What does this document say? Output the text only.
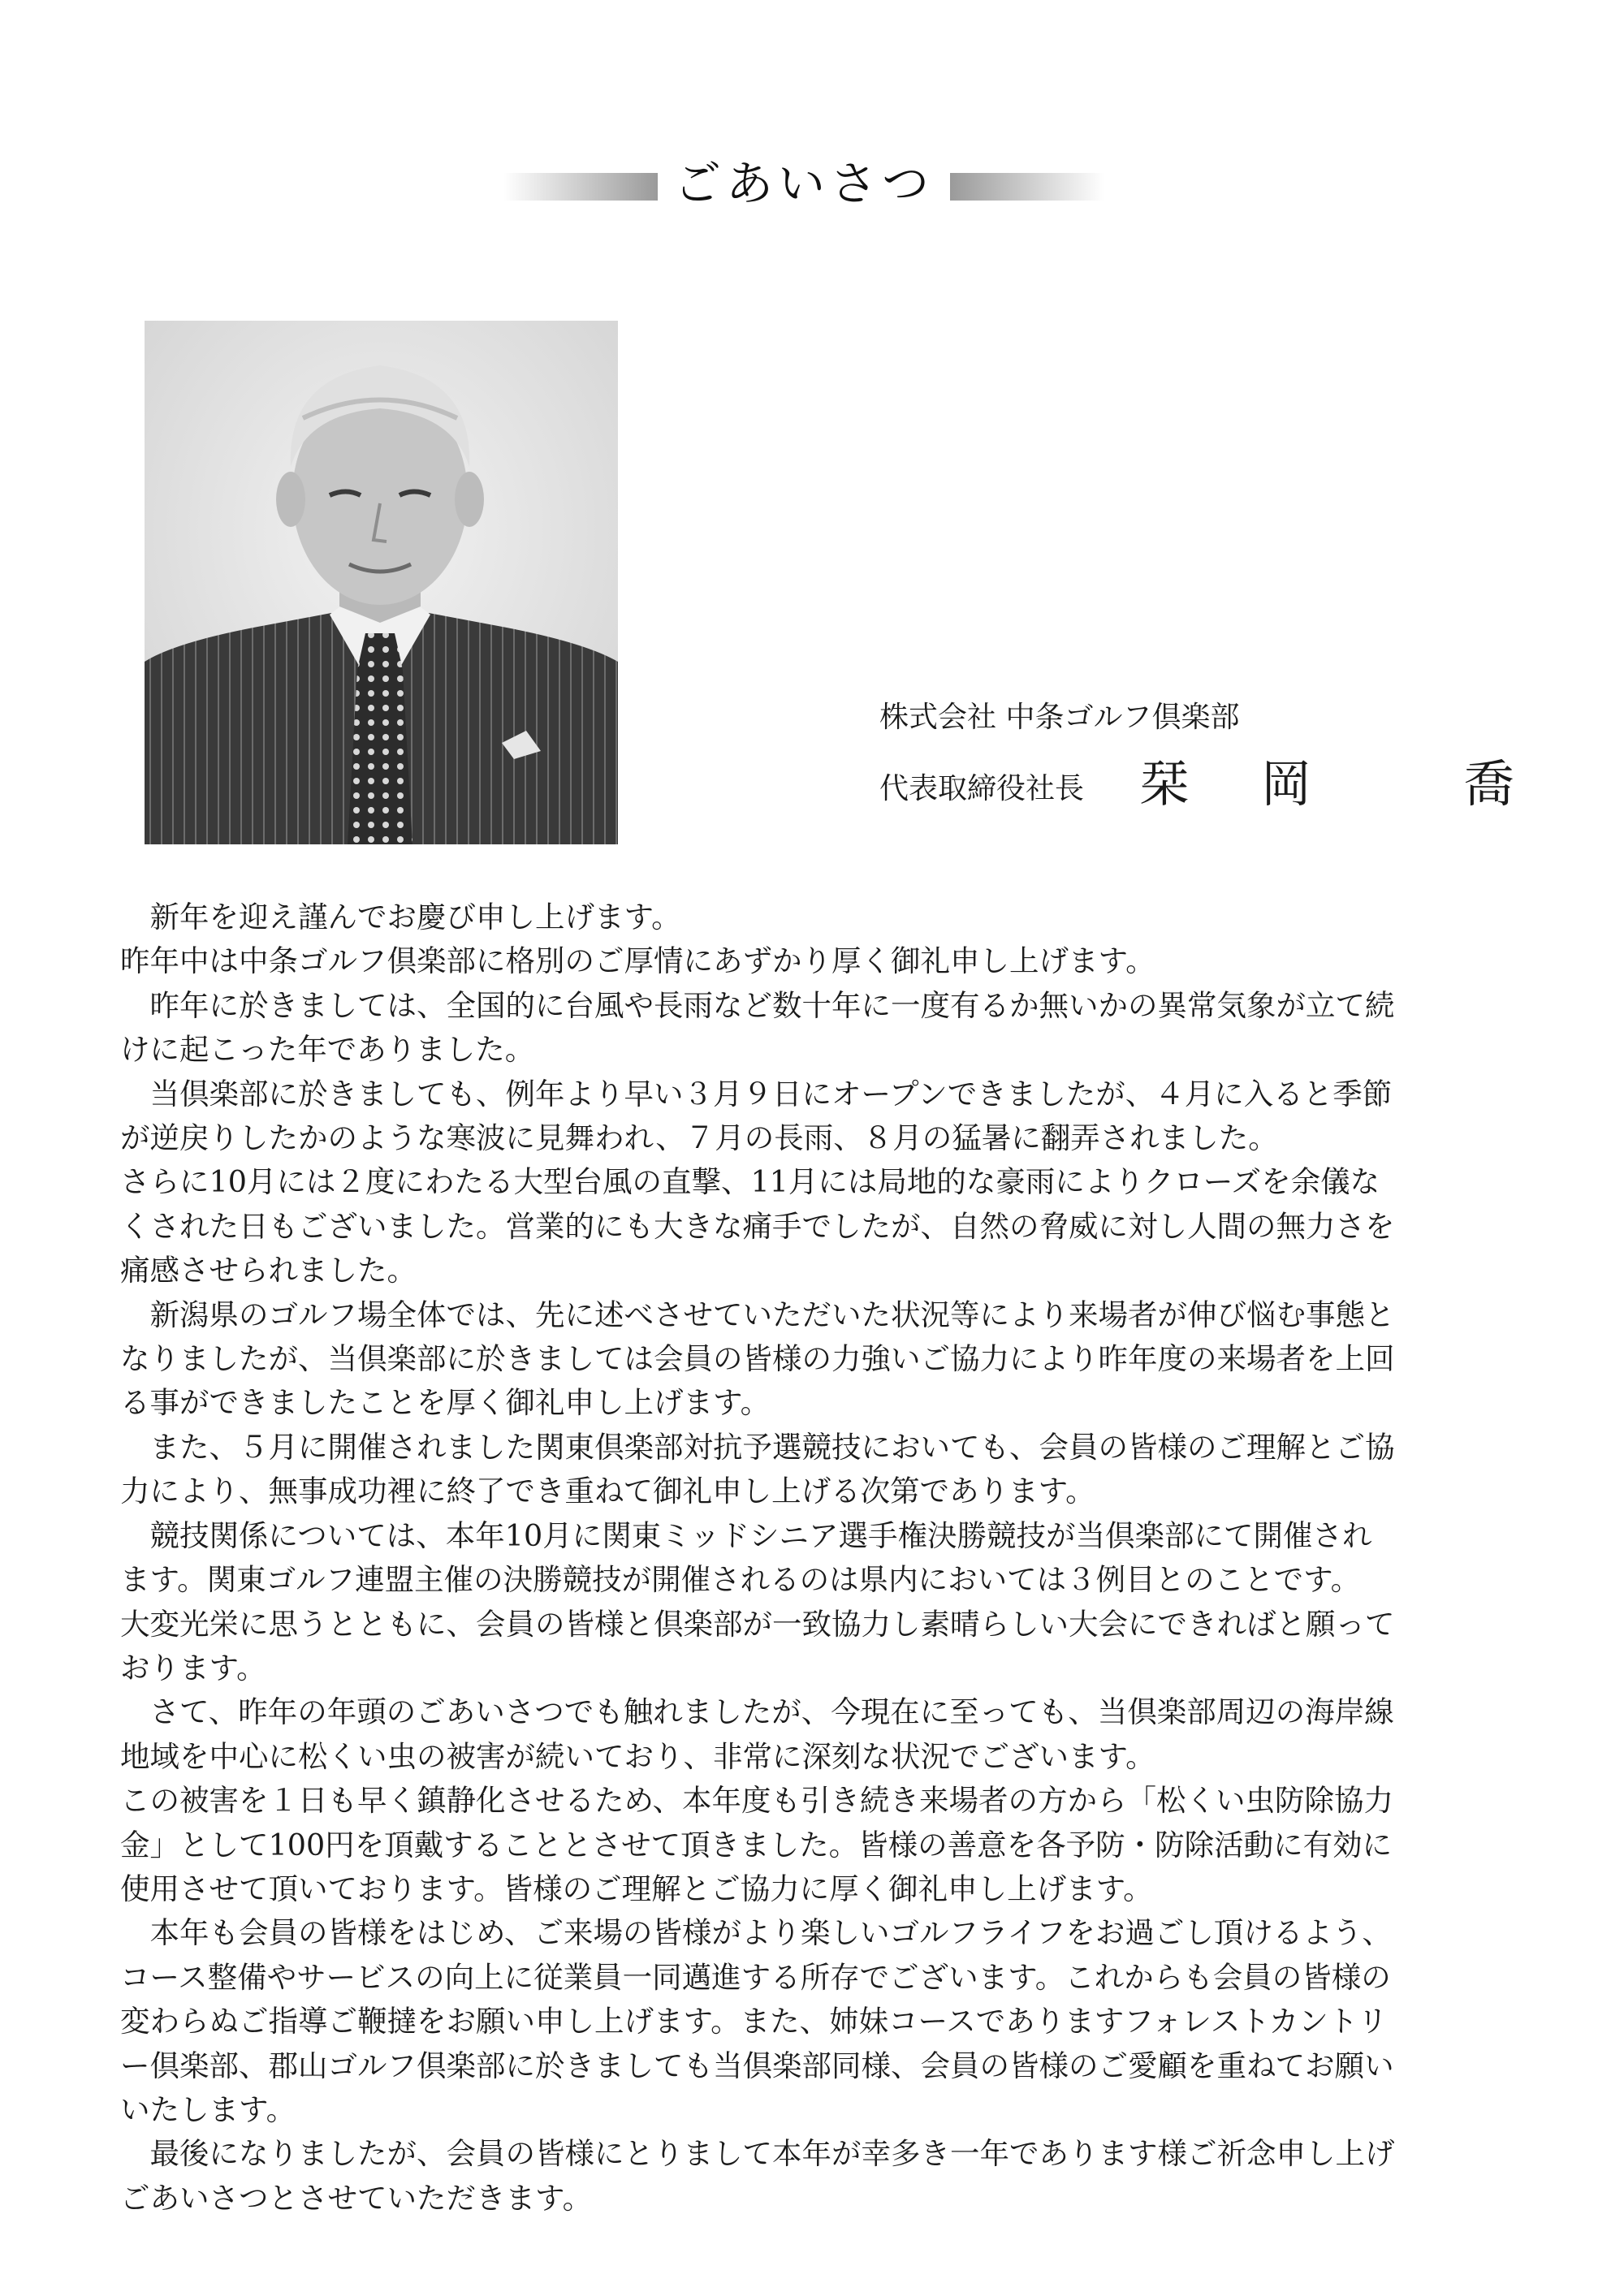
ごあいさつ
株式会社 中条ゴルフ倶楽部
代表取締役社長 栞 岡	喬

　新年を迎え謹んでお慶び申し上げます。

昨年中は中条ゴルフ倶楽部に格別のご厚情にあずかり厚く御礼申し上げます。

　昨年に於きましては、全国的に台風や長雨など数十年に一度有るか無いかの異常気象が立て続

けに起こった年でありました。

　当倶楽部に於きましても、例年より早い３月９日にオープンできましたが、４月に入ると季節

が逆戻りしたかのような寒波に見舞われ、７月の長雨、８月の猛暑に翻弄されました。

さらに10月には２度にわたる大型台風の直撃、11月には局地的な豪雨によりクローズを余儀な

くされた日もございました。営業的にも大きな痛手でしたが、自然の脅威に対し人間の無力さを

痛感させられました。

　新潟県のゴルフ場全体では、先に述べさせていただいた状況等により来場者が伸び悩む事態と

なりましたが、当倶楽部に於きましては会員の皆様の力強いご協力により昨年度の来場者を上回

る事ができましたことを厚く御礼申し上げます。

　また、５月に開催されました関東倶楽部対抗予選競技においても、会員の皆様のご理解とご協

力により、無事成功裡に終了でき重ねて御礼申し上げる次第であります。

　競技関係については、本年10月に関東ミッドシニア選手権決勝競技が当倶楽部にて開催され

ます。関東ゴルフ連盟主催の決勝競技が開催されるのは県内においては３例目とのことです。

大変光栄に思うとともに、会員の皆様と倶楽部が一致協力し素晴らしい大会にできればと願って

おります。

　さて、昨年の年頭のごあいさつでも触れましたが、今現在に至っても、当倶楽部周辺の海岸線

地域を中心に松くい虫の被害が続いており、非常に深刻な状況でございます。

この被害を１日も早く鎮静化させるため、本年度も引き続き来場者の方から「松くい虫防除協力

金」として100円を頂戴することとさせて頂きました。皆様の善意を各予防・防除活動に有効に

使用させて頂いております。皆様のご理解とご協力に厚く御礼申し上げます。

　本年も会員の皆様をはじめ、ご来場の皆様がより楽しいゴルフライフをお過ごし頂けるよう、

コース整備やサービスの向上に従業員一同邁進する所存でございます。これからも会員の皆様の

変わらぬご指導ご鞭撻をお願い申し上げます。また、姉妹コースでありますフォレストカントリ

ー倶楽部、郡山ゴルフ倶楽部に於きましても当倶楽部同様、会員の皆様のご愛顧を重ねてお願い

いたします。

　最後になりましたが、会員の皆様にとりまして本年が幸多き一年であります様ご祈念申し上げ

ごあいさつとさせていただきます。
